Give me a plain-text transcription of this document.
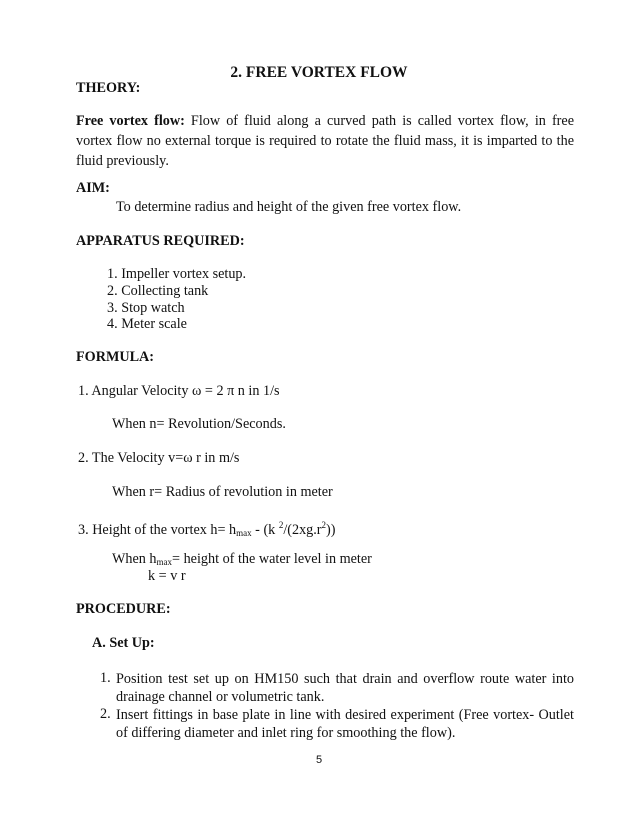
2. FREE VORTEX FLOW
THEORY:
Free vortex flow: Flow of fluid along a curved path is called vortex flow, in free vortex flow no external torque is required to rotate the fluid mass, it is imparted to the fluid previously.
AIM:
To determine radius and height of the given free vortex flow.
APPARATUS REQUIRED:
1. Impeller vortex setup.
2. Collecting tank
3. Stop watch
4. Meter scale
FORMULA:
1. Angular Velocity ω = 2 π n in 1/s
When n= Revolution/Seconds.
2. The Velocity v=ω r in m/s
When r= Radius of revolution in meter
3. Height of the vortex $h= h_{max} - (k$ $^2/(2xg.r^2)$)
When $h_{max}=$ height of the water level in meter
k = v r
PROCEDURE:
A. Set Up:
1. Position test set up on HM150 such that drain and overflow route water into drainage channel or volumetric tank.
2. Insert fittings in base plate in line with desired experiment (Free vortex- Outlet of differing diameter and inlet ring for smoothing the flow).
5
